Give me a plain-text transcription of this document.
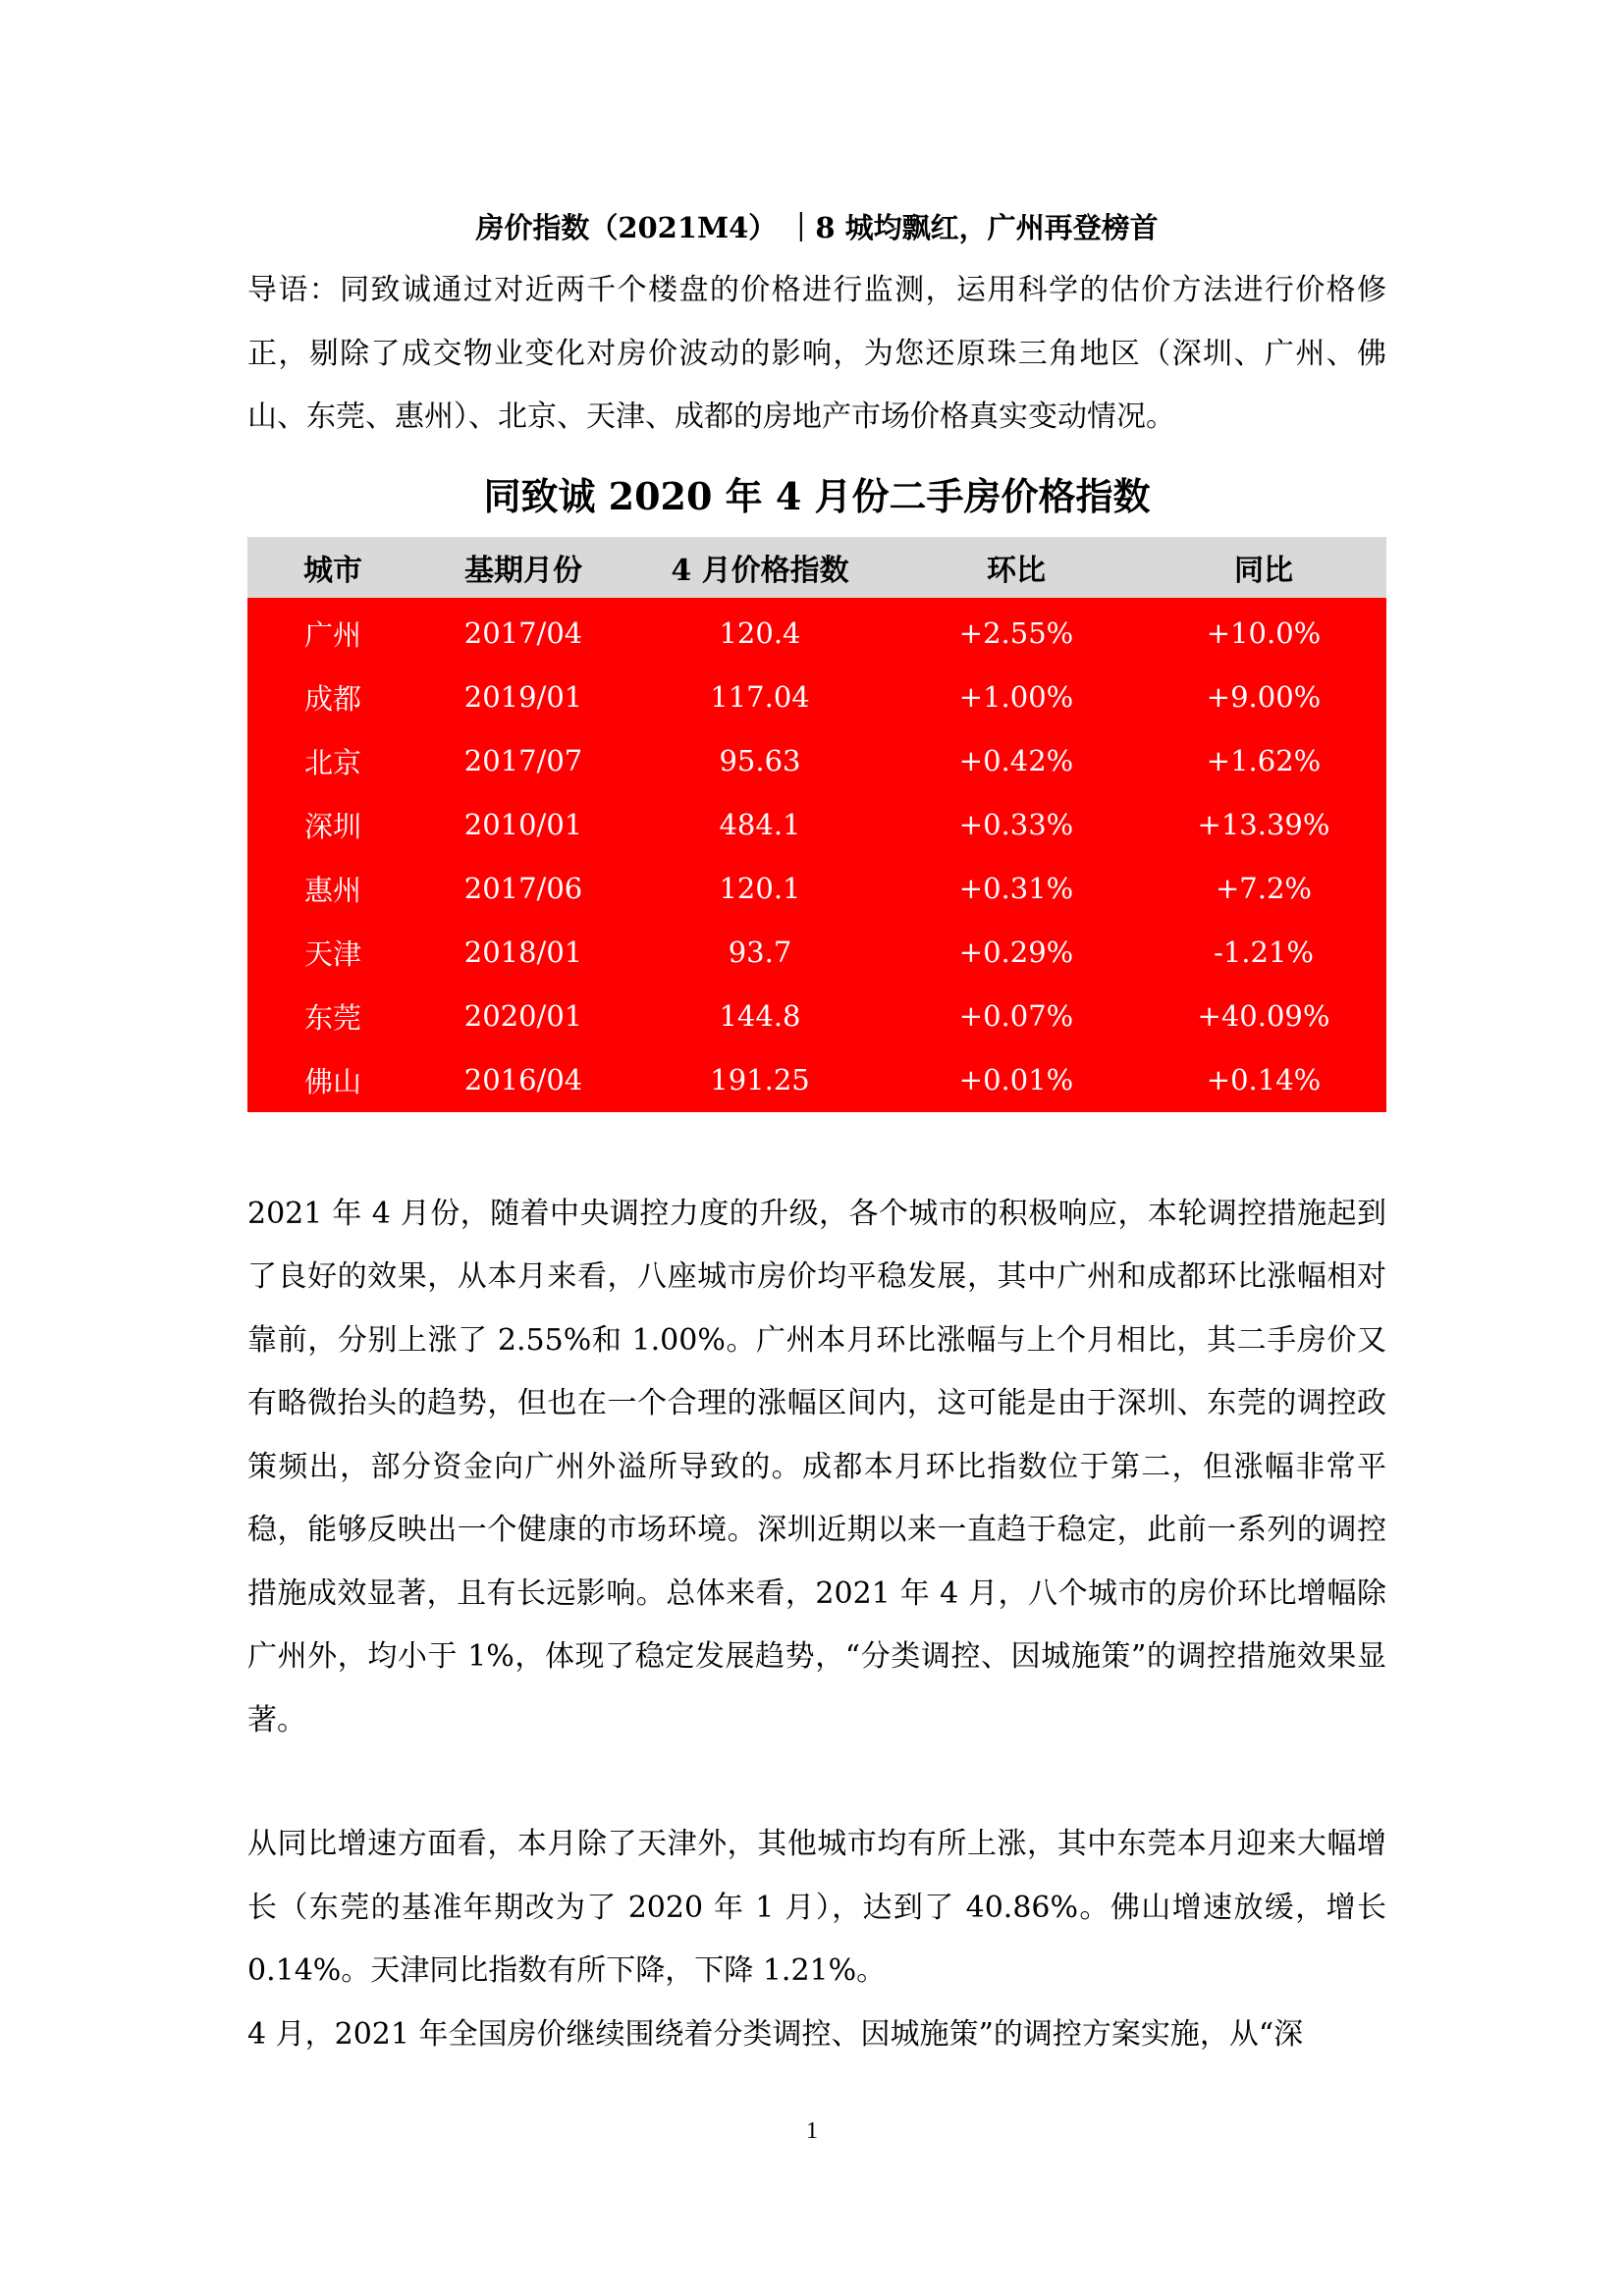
房价指数（2021M4） ｜8 城均飘红，广州再登榜首

导语：同致诚通过对近两千个楼盘的价格进行监测，运用科学的估价方法进行价格修正，剔除了成交物业变化对房价波动的影响，为您还原珠三角地区（深圳、广州、佛山、东莞、惠州）、北京、天津、成都的房地产市场价格真实变动情况。

同致诚 2020 年 4 月份二手房价格指数
城市	基期月份	4 月价格指数	环比	同比
广州	2017/04	120.4	+2.55%	+10.0%
成都	2019/01	117.04	+1.00%	+9.00%
北京	2017/07	95.63	+0.42%	+1.62%
深圳	2010/01	484.1	+0.33%	+13.39%
惠州	2017/06	120.1	+0.31%	+7.2%
天津	2018/01	93.7	+0.29%	-1.21%
东莞	2020/01	144.8	+0.07%	+40.09%
佛山	2016/04	191.25	+0.01%	+0.14%

2021 年 4 月份，随着中央调控力度的升级，各个城市的积极响应，本轮调控措施起到了良好的效果，从本月来看，八座城市房价均平稳发展，其中广州和成都环比涨幅相对靠前，分别上涨了 2.55%和 1.00%。广州本月环比涨幅与上个月相比，其二手房价又有略微抬头的趋势，但也在一个合理的涨幅区间内，这可能是由于深圳、东莞的调控政策频出，部分资金向广州外溢所导致的。成都本月环比指数位于第二，但涨幅非常平稳，能够反映出一个健康的市场环境。深圳近期以来一直趋于稳定，此前一系列的调控措施成效显著，且有长远影响。总体来看，2021 年 4 月，八个城市的房价环比增幅除广州外，均小于 1%，体现了稳定发展趋势，“分类调控、因城施策”的调控措施效果显著。

从同比增速方面看，本月除了天津外，其他城市均有所上涨，其中东莞本月迎来大幅增长（东莞的基准年期改为了 2020 年 1 月），达到了 40.86%。佛山增速放缓，增长 0.14%。天津同比指数有所下降，下降 1.21%。

4 月，2021 年全国房价继续围绕着分类调控、因城施策”的调控方案实施，从“深

1
